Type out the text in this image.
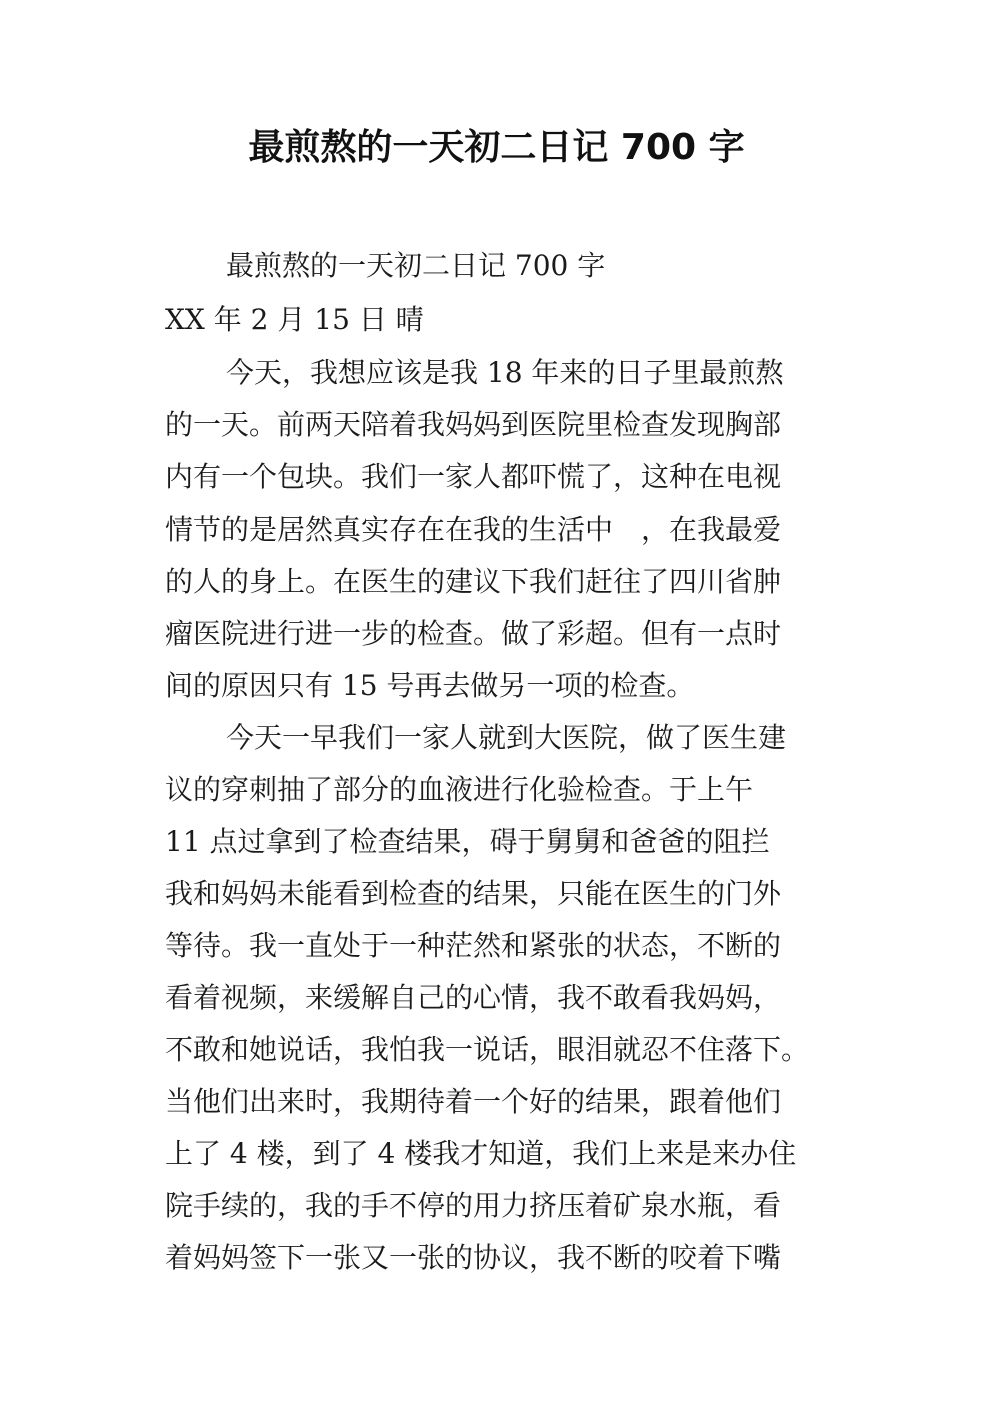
最煎熬的一天初二日记 700 字

最煎熬的一天初二日记 700 字

XX 年 2 月 15 日 晴

今天，我想应该是我 18 年来的日子里最煎熬

的一天。前两天陪着我妈妈到医院里检查发现胸部

内有一个包块。我们一家人都吓慌了，这种在电视

情节的是居然真实存在在我的生活中　，在我最爱

的人的身上。在医生的建议下我们赶往了四川省肿

瘤医院进行进一步的检查。做了彩超。但有一点时

间的原因只有 15 号再去做另一项的检查。

今天一早我们一家人就到大医院，做了医生建

议的穿刺抽了部分的血液进行化验检查。于上午

11 点过拿到了检查结果，碍于舅舅和爸爸的阻拦

我和妈妈未能看到检查的结果，只能在医生的门外

等待。我一直处于一种茫然和紧张的状态，不断的

看着视频，来缓解自己的心情，我不敢看我妈妈，

不敢和她说话，我怕我一说话，眼泪就忍不住落下。

当他们出来时，我期待着一个好的结果，跟着他们

上了 4 楼，到了 4 楼我才知道，我们上来是来办住

院手续的，我的手不停的用力挤压着矿泉水瓶，看

着妈妈签下一张又一张的协议，我不断的咬着下嘴
